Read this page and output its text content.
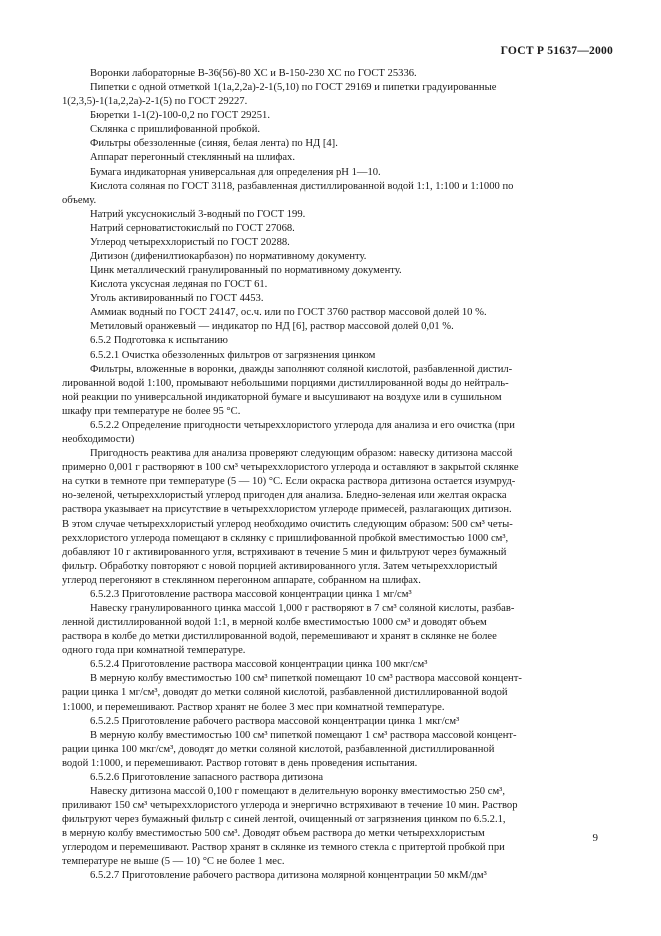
ГОСТ Р 51637—2000
Воронки лабораторные В-36(56)-80 ХС и В-150-230 ХС по ГОСТ 25336.
Пипетки с одной отметкой 1(1а,2,2а)-2-1(5,10) по ГОСТ 29169 и пипетки градуированные
1(2,3,5)-1(1а,2,2а)-2-1(5) по ГОСТ 29227.
Бюретки 1-1(2)-100-0,2 по ГОСТ 29251.
Склянка с пришлифованной пробкой.
Фильтры обеззоленные (синяя, белая лента) по НД [4].
Аппарат перегонный стеклянный на шлифах.
Бумага индикаторная универсальная для определения рН 1—10.
Кислота соляная по ГОСТ 3118, разбавленная дистиллированной водой 1:1, 1:100 и 1:1000 по
объему.
Натрий уксуснокислый 3-водный по ГОСТ 199.
Натрий серноватистокислый по ГОСТ 27068.
Углерод четыреххлористый по ГОСТ 20288.
Дитизон (дифенилтиокарбазон) по нормативному документу.
Цинк металлический гранулированный по нормативному документу.
Кислота уксусная ледяная по ГОСТ 61.
Уголь активированный по ГОСТ 4453.
Аммиак водный по ГОСТ 24147, ос.ч. или по ГОСТ 3760 раствор массовой долей 10 %.
Метиловый оранжевый — индикатор по НД [6], раствор массовой долей 0,01 %.
6.5.2 Подготовка к испытанию
6.5.2.1 Очистка обеззоленных фильтров от загрязнения цинком
Фильтры, вложенные в воронки, дважды заполняют соляной кислотой, разбавленной дистил-
лированной водой 1:100, промывают небольшими порциями дистиллированной воды до нейтраль-
ной реакции по универсальной индикаторной бумаге и высушивают на воздухе или в сушильном
шкафу при температуре не более 95 °С.
6.5.2.2 Определение пригодности четыреххлористого углерода для анализа и его очистка (при
необходимости)
Пригодность реактива для анализа проверяют следующим образом: навеску дитизона массой
примерно 0,001 г растворяют в 100 см³ четыреххлористого углерода и оставляют в закрытой склянке
на сутки в темноте при температуре (5 — 10) °С. Если окраска раствора дитизона остается изумруд-
но-зеленой, четыреххлористый углерод пригоден для анализа. Бледно-зеленая или желтая окраска
раствора указывает на присутствие в четыреххлористом углероде примесей, разлагающих дитизон.
В этом случае четыреххлористый углерод необходимо очистить следующим образом: 500 см³ четы-
реххлористого углерода помещают в склянку с пришлифованной пробкой вместимостью 1000 см³,
добавляют 10 г активированного угля, встряхивают в течение 5 мин и фильтруют через бумажный
фильтр. Обработку повторяют с новой порцией активированного угля. Затем четыреххлористый
углерод перегоняют в стеклянном перегонном аппарате, собранном на шлифах.
6.5.2.3 Приготовление раствора массовой концентрации цинка 1 мг/см³
Навеску гранулированного цинка массой 1,000 г растворяют в 7 см³ соляной кислоты, разбав-
ленной дистиллированной водой 1:1, в мерной колбе вместимостью 1000 см³ и доводят объем
раствора в колбе до метки дистиллированной водой, перемешивают и хранят в склянке не более
одного года при комнатной температуре.
6.5.2.4 Приготовление раствора массовой концентрации цинка 100 мкг/см³
В мерную колбу вместимостью 100 см³ пипеткой помещают 10 см³ раствора массовой концент-
рации цинка 1 мг/см³, доводят до метки соляной кислотой, разбавленной дистиллированной водой
1:1000, и перемешивают. Раствор хранят не более 3 мес при комнатной температуре.
6.5.2.5 Приготовление рабочего раствора массовой концентрации цинка 1 мкг/см³
В мерную колбу вместимостью 100 см³ пипеткой помещают 1 см³ раствора массовой концент-
рации цинка 100 мкг/см³, доводят до метки соляной кислотой, разбавленной дистиллированной
водой 1:1000, и перемешивают. Раствор готовят в день проведения испытания.
6.5.2.6 Приготовление запасного раствора дитизона
Навеску дитизона массой 0,100 г помещают в делительную воронку вместимостью 250 см³,
приливают 150 см³ четыреххлористого углерода и энергично встряхивают в течение 10 мин. Раствор
фильтруют через бумажный фильтр с синей лентой, очищенный от загрязнения цинком по 6.5.2.1,
в мерную колбу вместимостью 500 см³. Доводят объем раствора до метки четыреххлористым
углеродом и перемешивают. Раствор хранят в склянке из темного стекла с притертой пробкой при
температуре не выше (5 — 10) °С не более 1 мес.
6.5.2.7 Приготовление рабочего раствора дитизона молярной концентрации 50 мкМ/дм³
9
